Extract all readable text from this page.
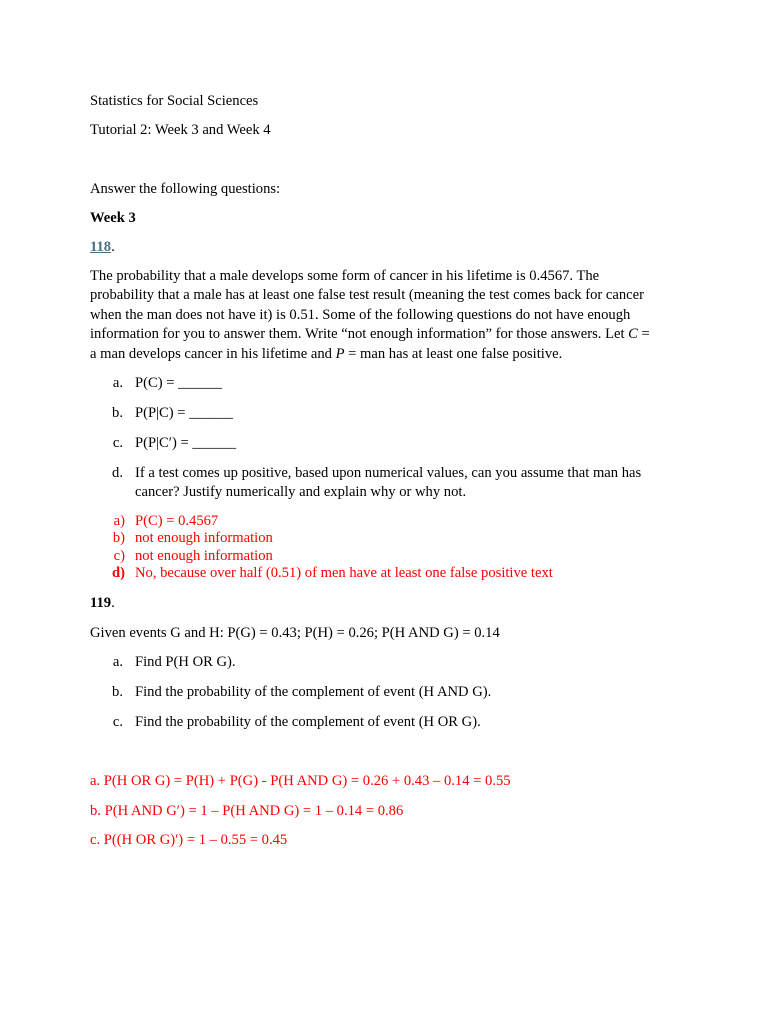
Statistics for Social Sciences

Tutorial 2: Week 3 and Week 4

Answer the following questions:

Week 3

118.

The probability that a male develops some form of cancer in his lifetime is 0.4567. The

probability that a male has at least one false test result (meaning the test comes back for cancer

when the man does not have it) is 0.51. Some of the following questions do not have enough

information for you to answer them. Write “not enough information” for those answers. Let C =

a man develops cancer in his lifetime and P = man has at least one false positive.

a. P(C) = ______
b. P(P|C) = ______
c. P(P|C′) = ______
d. If a test comes up positive, based upon numerical values, can you assume that man has cancer? Justify numerically and explain why or why not.
a) P(C) = 0.4567
b) not enough information
c) not enough information
d) No, because over half (0.51) of men have at least one false positive text

119.

Given events G and H: P(G) = 0.43; P(H) = 0.26; P(H AND G) = 0.14

a. Find P(H OR G).
b. Find the probability of the complement of event (H AND G).
c. Find the probability of the complement of event (H OR G).

a. P(H OR G) = P(H) + P(G) - P(H AND G) = 0.26 + 0.43 – 0.14 = 0.55

b. P(H AND G′) = 1 – P(H AND G) = 1 – 0.14 = 0.86

c. P((H OR G)′) = 1 – 0.55 = 0.45
